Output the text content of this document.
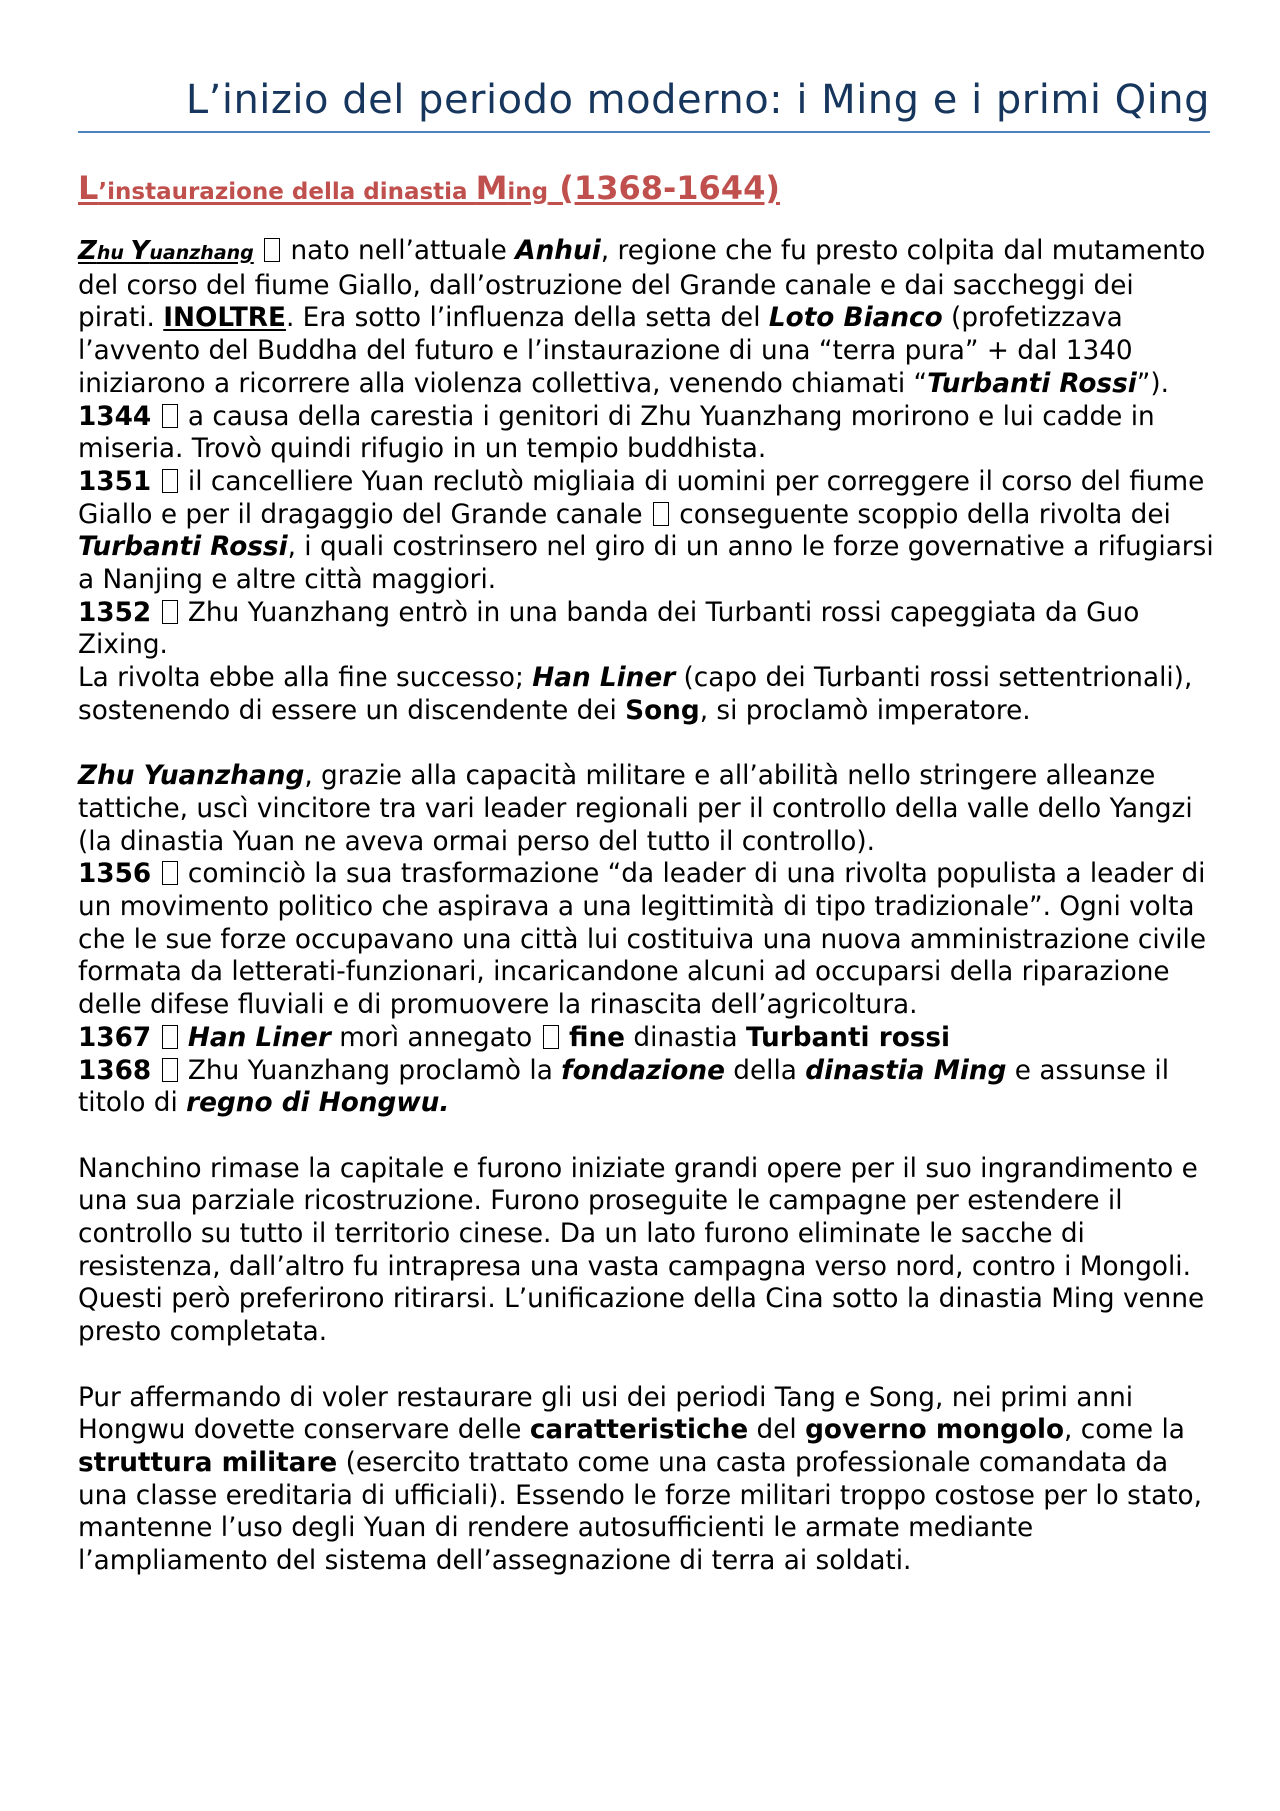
L’inizio del periodo moderno: i Ming e i primi Qing
L’instaurazione della dinastia Ming (1368-1644)

Zhu Yuanzhang  nato nell’attuale Anhui, regione che fu presto colpita dal mutamento del corso del fiume Giallo, dall’ostruzione del Grande canale e dai saccheggi dei pirati. INOLTRE. Era sotto l’influenza della setta del Loto Bianco (profetizzava l’avvento del Buddha del futuro e l’instaurazione di una “terra pura” + dal 1340 iniziarono a ricorrere alla violenza collettiva, venendo chiamati “Turbanti Rossi”).

1344  a causa della carestia i genitori di Zhu Yuanzhang morirono e lui cadde in miseria. Trovò quindi rifugio in un tempio buddhista.

1351  il cancelliere Yuan reclutò migliaia di uomini per correggere il corso del fiume Giallo e per il dragaggio del Grande canale  conseguente scoppio della rivolta dei Turbanti Rossi, i quali costrinsero nel giro di un anno le forze governative a rifugiarsi a Nanjing e altre città maggiori.

1352  Zhu Yuanzhang entrò in una banda dei Turbanti rossi capeggiata da Guo Zixing.

La rivolta ebbe alla fine successo; Han Liner (capo dei Turbanti rossi settentrionali), sostenendo di essere un discendente dei Song, si proclamò imperatore.

Zhu Yuanzhang, grazie alla capacità militare e all’abilità nello stringere alleanze tattiche, uscì vincitore tra vari leader regionali per il controllo della valle dello Yangzi (la dinastia Yuan ne aveva ormai perso del tutto il controllo).

1356  cominciò la sua trasformazione “da leader di una rivolta populista a leader di un movimento politico che aspirava a una legittimità di tipo tradizionale”. Ogni volta che le sue forze occupavano una città lui costituiva una nuova amministrazione civile formata da letterati-funzionari, incaricandone alcuni ad occuparsi della riparazione delle difese fluviali e di promuovere la rinascita dell’agricoltura.

1367 Han Liner morì annegato  fine dinastia Turbanti rossi

1368  Zhu Yuanzhang proclamò la fondazione della dinastia Ming e assunse il titolo di regno di Hongwu.

Nanchino rimase la capitale e furono iniziate grandi opere per il suo ingrandimento e una sua parziale ricostruzione. Furono proseguite le campagne per estendere il controllo su tutto il territorio cinese. Da un lato furono eliminate le sacche di resistenza, dall’altro fu intrapresa una vasta campagna verso nord, contro i Mongoli. Questi però preferirono ritirarsi. L’unificazione della Cina sotto la dinastia Ming venne presto completata.

Pur affermando di voler restaurare gli usi dei periodi Tang e Song, nei primi anni Hongwu dovette conservare delle caratteristiche del governo mongolo, come la struttura militare (esercito trattato come una casta professionale comandata da una classe ereditaria di ufficiali). Essendo le forze militari troppo costose per lo stato, mantenne l’uso degli Yuan di rendere autosufficienti le armate mediante l’ampliamento del sistema dell’assegnazione di terra ai soldati.
